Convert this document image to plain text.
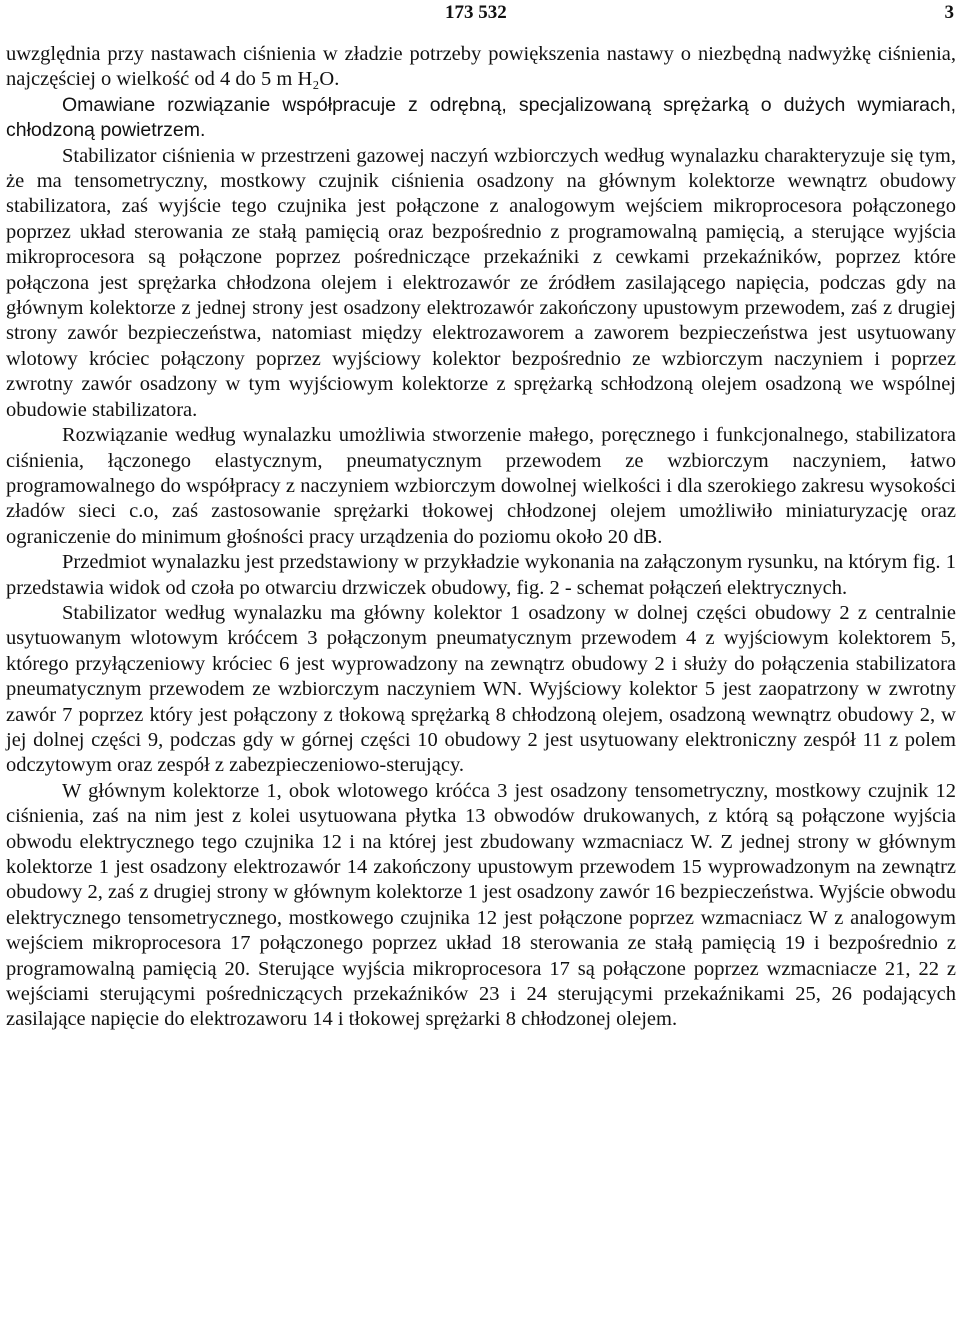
173 532	3

uwzględnia przy nastawach ciśnienia w zładzie potrzeby powiększenia nastawy o niezbędną nadwyżkę ciśnienia, najczęściej o wielkość od 4 do 5 m H₂O.

Omawiane rozwiązanie współpracuje z odrębną, specjalizowaną sprężarką o dużych wymiarach, chłodzoną powietrzem.

Stabilizator ciśnienia w przestrzeni gazowej naczyń wzbiorczych według wynalazku charakteryzuje się tym, że ma tensometryczny, mostkowy czujnik ciśnienia osadzony na głównym kolektorze wewnątrz obudowy stabilizatora, zaś wyjście tego czujnika jest połączone z analogowym wejściem mikroprocesora połączonego poprzez układ sterowania ze stałą pamięcią oraz bezpośrednio z programowalną pamięcią, a sterujące wyjścia mikroprocesora są połączone poprzez pośredniczące przekaźniki z cewkami przekaźników, poprzez które połączona jest sprężarka chłodzona olejem i elektrozawór ze źródłem zasilającego napięcia, podczas gdy na głównym kolektorze z jednej strony jest osadzony elektrozawór zakończony upustowym przewodem, zaś z drugiej strony zawór bezpieczeństwa, natomiast między elektrozaworem a zaworem bezpieczeństwa jest usytuowany wlotowy króciec połączony poprzez wyjściowy kolektor bezpośrednio ze wzbiorczym naczyniem i poprzez zwrotny zawór osadzony w tym wyjściowym kolektorze z sprężarką schłodzoną olejem osadzoną we wspólnej obudowie stabilizatora.

Rozwiązanie według wynalazku umożliwia stworzenie małego, poręcznego i funkcjonalnego, stabilizatora ciśnienia, łączonego elastycznym, pneumatycznym przewodem ze wzbiorczym naczyniem, łatwo programowalnego do współpracy z naczyniem wzbiorczym dowolnej wielkości i dla szerokiego zakresu wysokości zładów sieci c.o, zaś zastosowanie sprężarki tłokowej chłodzonej olejem umożliwiło miniaturyzację oraz ograniczenie do minimum głośności pracy urządzenia do poziomu około 20 dB.

Przedmiot wynalazku jest przedstawiony w przykładzie wykonania na załączonym rysunku, na którym fig. 1 przedstawia widok od czoła po otwarciu drzwiczek obudowy, fig. 2 - schemat połączeń elektrycznych.

Stabilizator według wynalazku ma główny kolektor 1 osadzony w dolnej części obudowy 2 z centralnie usytuowanym wlotowym króćcem 3 połączonym pneumatycznym przewodem 4 z wyjściowym kolektorem 5, którego przyłączeniowy króciec 6 jest wyprowadzony na zewnątrz obudowy 2 i służy do połączenia stabilizatora pneumatycznym przewodem ze wzbiorczym naczyniem WN. Wyjściowy kolektor 5 jest zaopatrzony w zwrotny zawór 7 poprzez który jest połączony z tłokową sprężarką 8 chłodzoną olejem, osadzoną wewnątrz obudowy 2, w jej dolnej części 9, podczas gdy w górnej części 10 obudowy 2 jest usytuowany elektroniczny zespół 11 z polem odczytowym oraz zespół z zabezpieczeniowo-sterujący.

W głównym kolektorze 1, obok wlotowego króćca 3 jest osadzony tensometryczny, mostkowy czujnik 12 ciśnienia, zaś na nim jest z kolei usytuowana płytka 13 obwodów drukowanych, z którą są połączone wyjścia obwodu elektrycznego tego czujnika 12 i na której jest zbudowany wzmacniacz W. Z jednej strony w głównym kolektorze 1 jest osadzony elektrozawór 14 zakończony upustowym przewodem 15 wyprowadzonym na zewnątrz obudowy 2, zaś z drugiej strony w głównym kolektorze 1 jest osadzony zawór 16 bezpieczeństwa. Wyjście obwodu elektrycznego tensometrycznego, mostkowego czujnika 12 jest połączone poprzez wzmacniacz W z analogowym wejściem mikroprocesora 17 połączonego poprzez układ 18 sterowania ze stałą pamięcią 19 i bezpośrednio z programowalną pamięcią 20. Sterujące wyjścia mikroprocesora 17 są połączone poprzez wzmacniacze 21, 22 z wejściami sterującymi pośredniczących przekaźników 23 i 24 sterującymi przekaźnikami 25, 26 podających zasilające napięcie do elektrozaworu 14 i tłokowej sprężarki 8 chłodzonej olejem.
